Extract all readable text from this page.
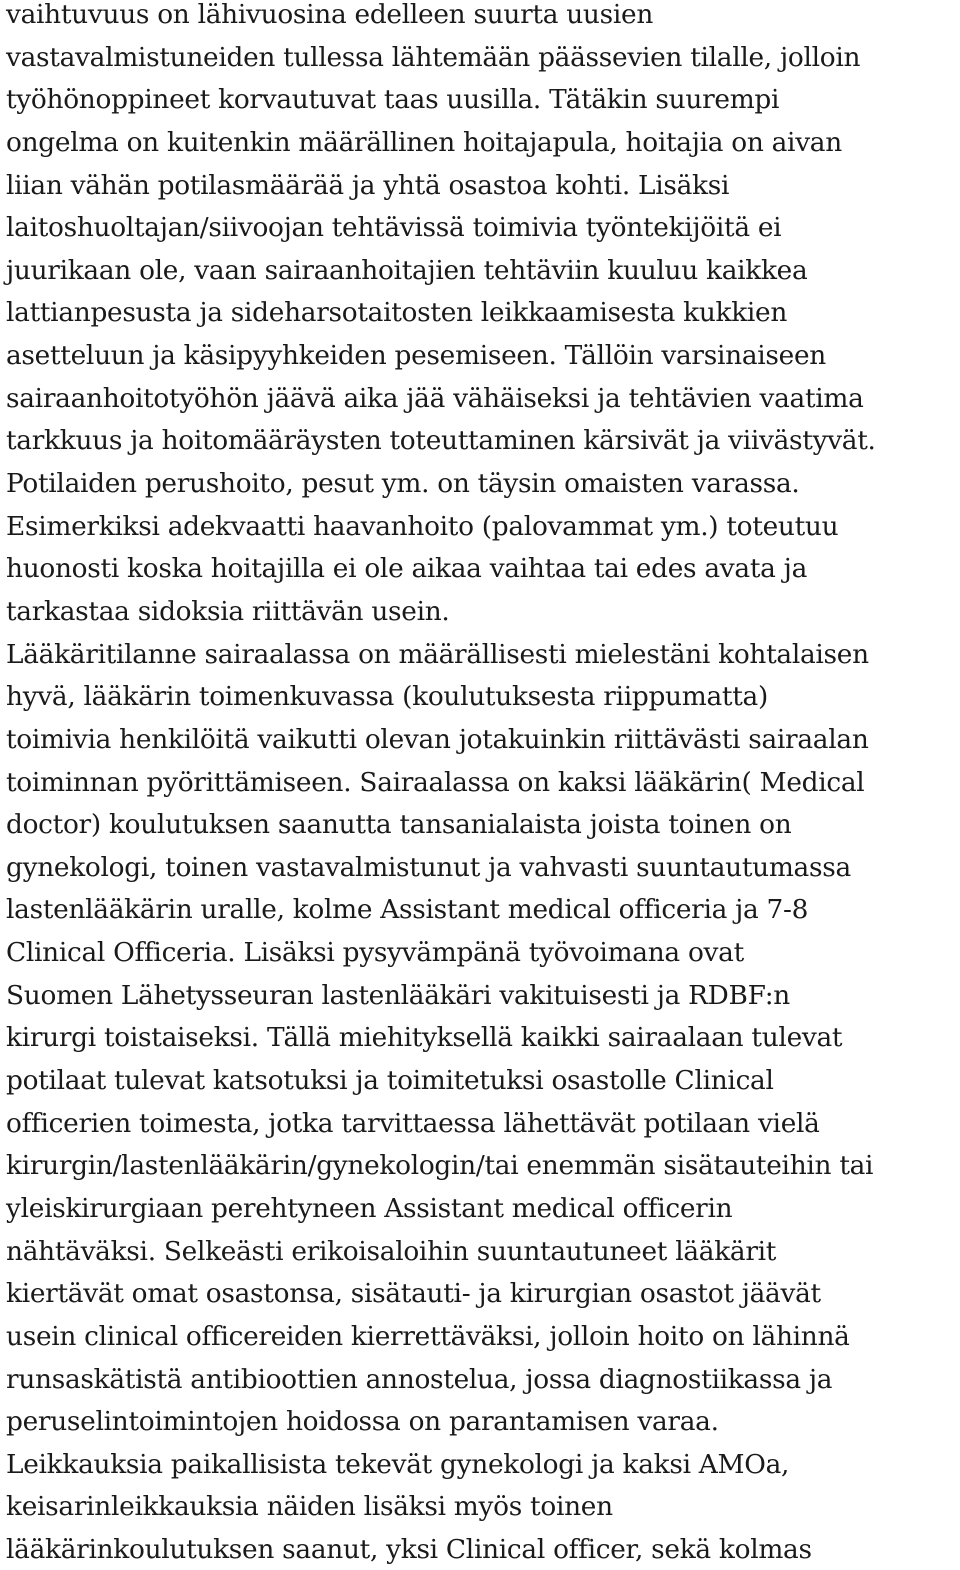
vaihtuvuus on lähivuosina edelleen suurta uusien
vastavalmistuneiden tullessa lähtemään päässevien tilalle, jolloin
työhönoppineet korvautuvat taas uusilla. Tätäkin suurempi
ongelma on kuitenkin määrällinen hoitajapula, hoitajia on aivan
liian vähän potilasmäärää ja yhtä osastoa kohti. Lisäksi
laitoshuoltajan/siivoojan tehtävissä toimivia työntekijöitä ei
juurikaan ole, vaan sairaanhoitajien tehtäviin kuuluu kaikkea
lattianpesusta ja sideharsotaitosten leikkaamisesta kukkien
asetteluun ja käsipyyhkeiden pesemiseen. Tällöin varsinaiseen
sairaanhoitotyöhön jäävä aika jää vähäiseksi ja tehtävien vaatima
tarkkuus ja hoitomääräysten toteuttaminen kärsivät ja viivästyvät.
Potilaiden perushoito, pesut ym. on täysin omaisten varassa.
Esimerkiksi adekvaatti haavanhoito (palovammat ym.) toteutuu
huonosti koska hoitajilla ei ole aikaa vaihtaa tai edes avata ja
tarkastaa sidoksia riittävän usein.
Lääkäritilanne sairaalassa on määrällisesti mielestäni kohtalaisen
hyvä, lääkärin toimenkuvassa (koulutuksesta riippumatta)
toimivia henkilöitä vaikutti olevan jotakuinkin riittävästi sairaalan
toiminnan pyörittämiseen. Sairaalassa on kaksi lääkärin( Medical
doctor) koulutuksen saanutta tansanialaista joista toinen on
gynekologi, toinen vastavalmistunut ja vahvasti suuntautumassa
lastenlääkärin uralle, kolme Assistant medical officeria ja 7-8
Clinical Officeria. Lisäksi pysyvämpänä työvoimana ovat
Suomen Lähetysseuran lastenlääkäri vakituisesti ja RDBF:n
kirurgi toistaiseksi. Tällä miehityksellä kaikki sairaalaan tulevat
potilaat tulevat katsotuksi ja toimitetuksi osastolle Clinical
officerien toimesta, jotka tarvittaessa lähettävät potilaan vielä
kirurgin/lastenlääkärin/gynekologin/tai enemmän sisätauteihin tai
yleiskirurgiaan perehtyneen Assistant medical officerin
nähtäväksi. Selkeästi erikoisaloihin suuntautuneet lääkärit
kiertävät omat osastonsa, sisätauti- ja kirurgian osastot jäävät
usein clinical officereiden kierrettäväksi, jolloin hoito on lähinnä
runsaskätistä antibioottien annostelua, jossa diagnostiikassa ja
peruselintoimintojen hoidossa on parantamisen varaa.
Leikkauksia paikallisista tekevät gynekologi ja kaksi AMOa,
keisarinleikkauksia näiden lisäksi myös toinen
lääkärinkoulutuksen saanut, yksi Clinical officer, sekä kolmas
